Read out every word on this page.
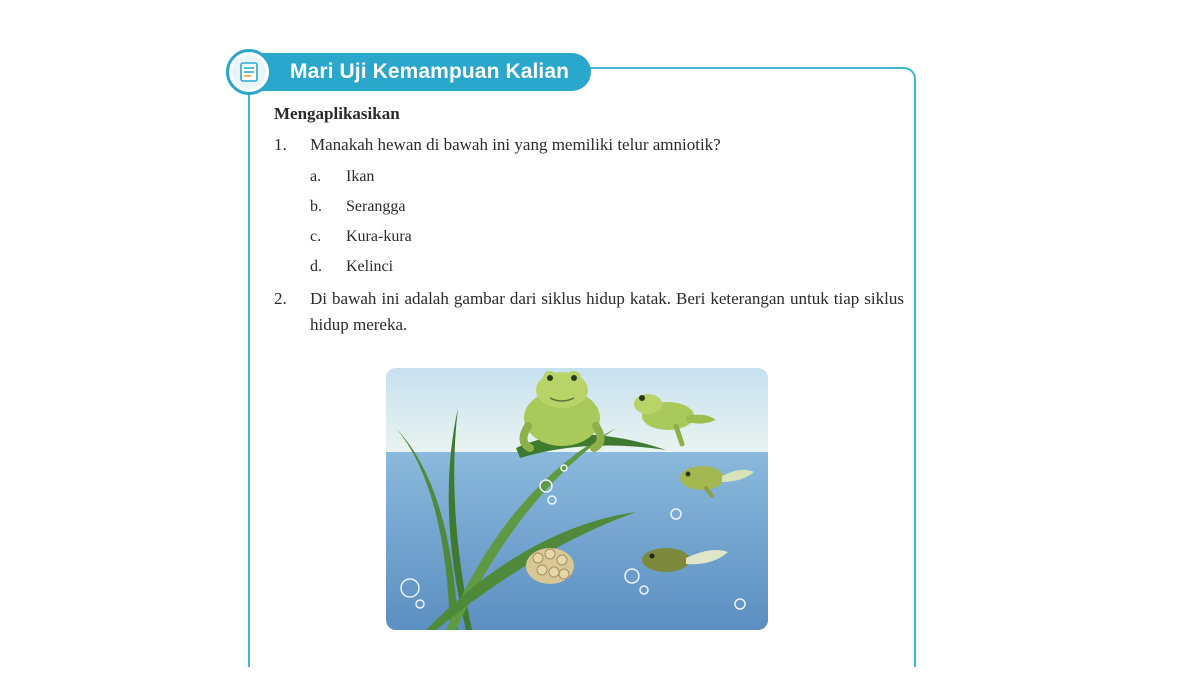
Mari Uji Kemampuan Kalian
Mengaplikasikan
1.	Manakah hewan di bawah ini yang memiliki telur amniotik?
a.	Ikan
b.	Serangga
c.	Kura-kura
d.	Kelinci
2.	Di bawah ini adalah gambar dari siklus hidup katak. Beri keterangan untuk tiap siklus hidup mereka.
